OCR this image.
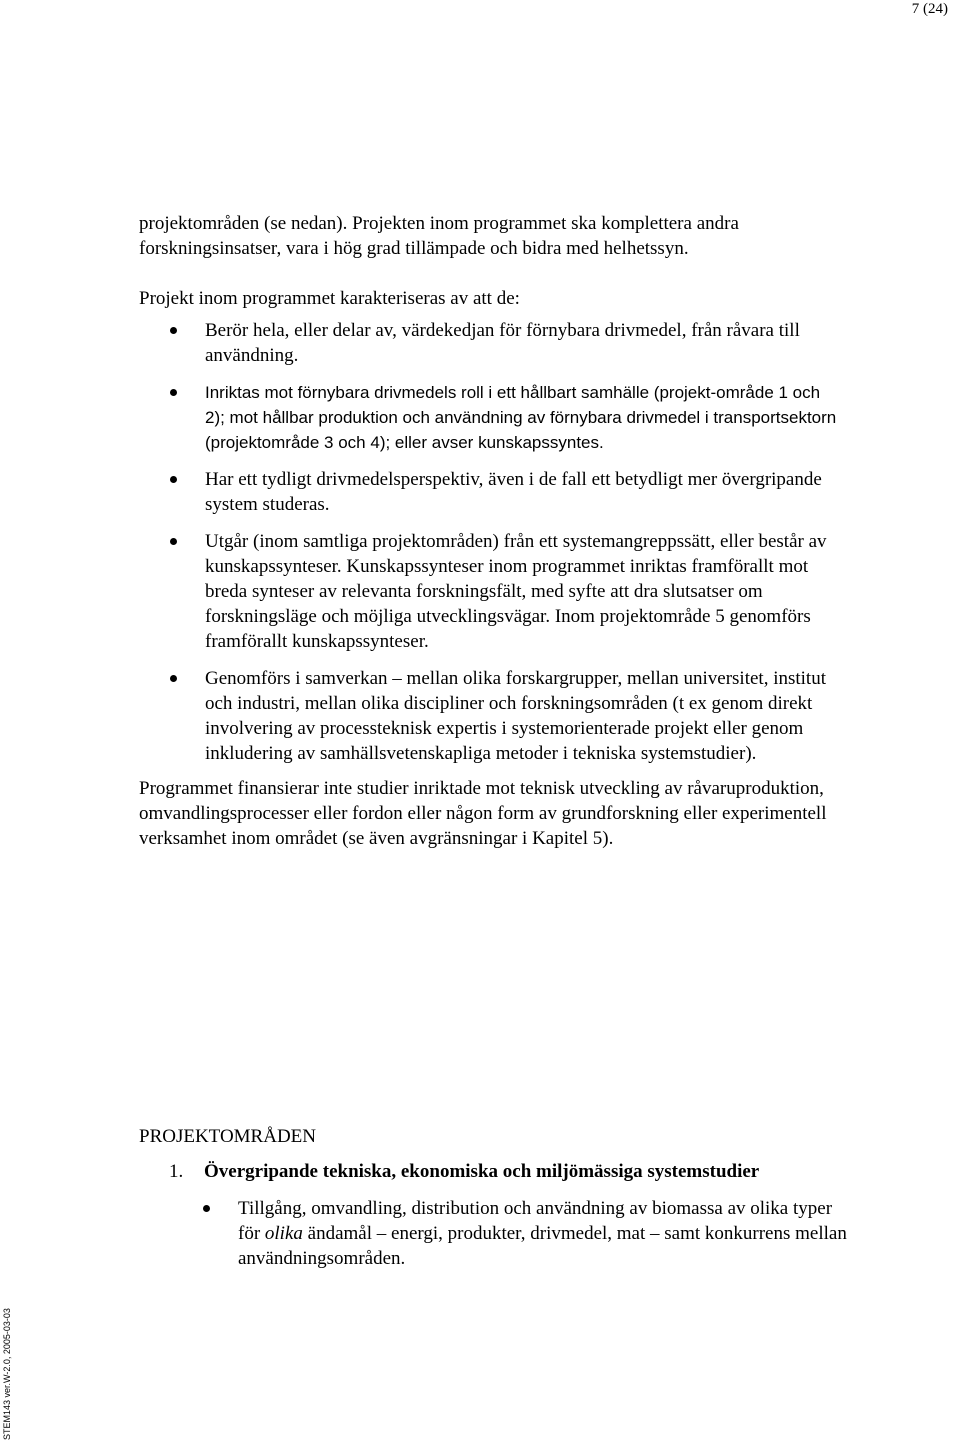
7 (24)

projektområden (se nedan). Projekten inom programmet ska komplettera andra forskningsinsatser, vara i hög grad tillämpade och bidra med helhetssyn.

Projekt inom programmet karakteriseras av att de:

Berör hela, eller delar av, värdekedjan för förnybara drivmedel, från råvara till användning.
Inriktas mot förnybara drivmedels roll i ett hållbart samhälle (projekt-område 1 och 2); mot hållbar produktion och användning av förnybara drivmedel i transportsektorn (projektområde 3 och 4); eller avser kunskapssyntes.
Har ett tydligt drivmedelsperspektiv, även i de fall ett betydligt mer övergripande system studeras.
Utgår (inom samtliga projektområden) från ett systemangreppssätt, eller består av kunskapssynteser. Kunskapssynteser inom programmet inriktas framförallt mot breda synteser av relevanta forskningsfält, med syfte att dra slutsatser om forskningsläge och möjliga utvecklingsvägar. Inom projektområde 5 genomförs framförallt kunskapssynteser.
Genomförs i samverkan – mellan olika forskargrupper, mellan universitet, institut och industri, mellan olika discipliner och forskningsområden (t ex genom direkt involvering av processteknisk expertis i systemorienterade projekt eller genom inkludering av samhällsvetenskapliga metoder i tekniska systemstudier).

Programmet finansierar inte studier inriktade mot teknisk utveckling av råvaruproduktion, omvandlingsprocesser eller fordon eller någon form av grundforskning eller experimentell verksamhet inom området (se även avgränsningar i Kapitel 5).

PROJEKTOMRÅDEN
1. Övergripande tekniska, ekonomiska och miljömässiga systemstudier
Tillgång, omvandling, distribution och användning av biomassa av olika typer för olika ändamål – energi, produkter, drivmedel, mat – samt konkurrens mellan användningsområden.
STEM143 ver.W-2.0, 2005-03-03
